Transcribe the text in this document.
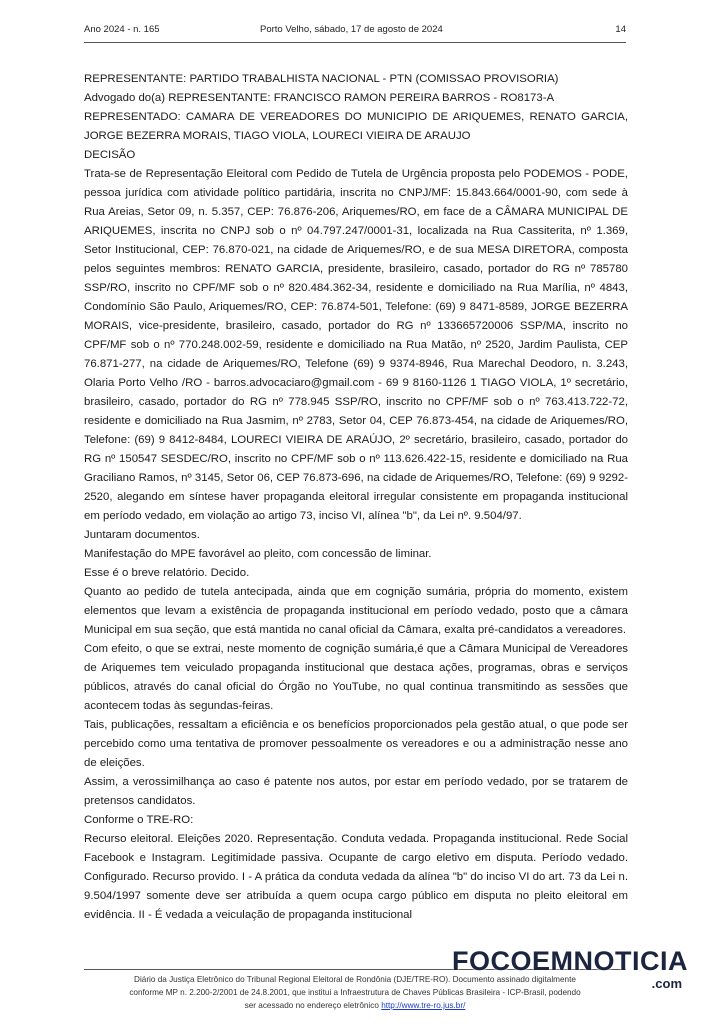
Ano 2024 - n. 165	Porto Velho, sábado, 17 de agosto de 2024	14

REPRESENTANTE: PARTIDO TRABALHISTA NACIONAL - PTN (COMISSAO PROVISORIA)

Advogado do(a) REPRESENTANTE: FRANCISCO RAMON PEREIRA BARROS - RO8173-A

REPRESENTADO: CAMARA DE VEREADORES DO MUNICIPIO DE ARIQUEMES, RENATO GARCIA, JORGE BEZERRA MORAIS, TIAGO VIOLA, LOURECI VIEIRA DE ARAUJO

DECISÃO

Trata-se de Representação Eleitoral com Pedido de Tutela de Urgência proposta pelo PODEMOS - PODE, pessoa jurídica com atividade político partidária, inscrita no CNPJ/MF: 15.843.664/0001-90, com sede à Rua Areias, Setor 09, n. 5.357, CEP: 76.876-206, Ariquemes/RO, em face de a CÂMARA MUNICIPAL DE ARIQUEMES, inscrita no CNPJ sob o nº 04.797.247/0001-31, localizada na Rua Cassiterita, nº 1.369, Setor Institucional, CEP: 76.870-021, na cidade de Ariquemes/RO, e de sua MESA DIRETORA, composta pelos seguintes membros: RENATO GARCIA, presidente, brasileiro, casado, portador do RG nº 785780 SSP/RO, inscrito no CPF/MF sob o nº 820.484.362-34, residente e domiciliado na Rua Marília, nº 4843, Condomínio São Paulo, Ariquemes/RO, CEP: 76.874-501, Telefone: (69) 9 8471-8589, JORGE BEZERRA MORAIS, vice-presidente, brasileiro, casado, portador do RG nº 133665720006 SSP/MA, inscrito no CPF/MF sob o nº 770.248.002-59, residente e domiciliado na Rua Matão, nº 2520, Jardim Paulista, CEP 76.871-277, na cidade de Ariquemes/RO, Telefone (69) 9 9374-8946, Rua Marechal Deodoro, n. 3.243, Olaria Porto Velho /RO - barros.advocaciaro@gmail.com - 69 9 8160-1126 1 TIAGO VIOLA, 1º secretário, brasileiro, casado, portador do RG nº 778.945 SSP/RO, inscrito no CPF/MF sob o nº 763.413.722-72, residente e domiciliado na Rua Jasmim, nº 2783, Setor 04, CEP 76.873-454, na cidade de Ariquemes/RO, Telefone: (69) 9 8412-8484, LOURECI VIEIRA DE ARAÚJO, 2º secretário, brasileiro, casado, portador do RG nº 150547 SESDEC/RO, inscrito no CPF/MF sob o nº 113.626.422-15, residente e domiciliado na Rua Graciliano Ramos, nº 3145, Setor 06, CEP 76.873-696, na cidade de Ariquemes/RO, Telefone: (69) 9 9292-2520, alegando em síntese haver propaganda eleitoral irregular consistente em propaganda institucional em período vedado, em violação ao artigo 73, inciso VI, alínea "b", da Lei nº. 9.504/97.

Juntaram documentos.

Manifestação do MPE favorável ao pleito, com concessão de liminar.

Esse é o breve relatório. Decido.

Quanto ao pedido de tutela antecipada, ainda que em cognição sumária, própria do momento, existem elementos que levam a existência de propaganda institucional em período vedado, posto que a câmara Municipal em sua seção, que está mantida no canal oficial da Câmara, exalta pré-candidatos a vereadores.

Com efeito, o que se extrai, neste momento de cognição sumária,é que a Câmara Municipal de Vereadores de Ariquemes tem veiculado propaganda institucional que destaca ações, programas, obras e serviços públicos, através do canal oficial do Órgão no YouTube, no qual continua transmitindo as sessões que acontecem todas às segundas-feiras.

Tais, publicações, ressaltam a eficiência e os benefícios proporcionados pela gestão atual, o que pode ser percebido como uma tentativa de promover pessoalmente os vereadores e ou a administração nesse ano de eleições.

Assim, a verossimilhança ao caso é patente nos autos, por estar em período vedado, por se tratarem de pretensos candidatos.

Conforme o TRE-RO:

Recurso eleitoral. Eleições 2020. Representação. Conduta vedada. Propaganda institucional. Rede Social Facebook e Instagram. Legitimidade passiva. Ocupante de cargo eletivo em disputa. Período vedado. Configurado. Recurso provido. I - A prática da conduta vedada da alínea "b" do inciso VI do art. 73 da Lei n. 9.504/1997 somente deve ser atribuída a quem ocupa cargo público em disputa no pleito eleitoral em evidência. II - É vedada a veiculação de propaganda institucional

Diário da Justiça Eletrônico do Tribunal Regional Eleitoral de Rondônia (DJE/TRE-RO). Documento assinado digitalmente
conforme MP n. 2.200-2/2001 de 24.8.2001, que institui a Infraestrutura de Chaves Públicas Brasileira - ICP-Brasil, podendo
ser acessado no endereço eletrônico http://www.tre-ro.jus.br/
FOCOEMNOTICIA
.com
